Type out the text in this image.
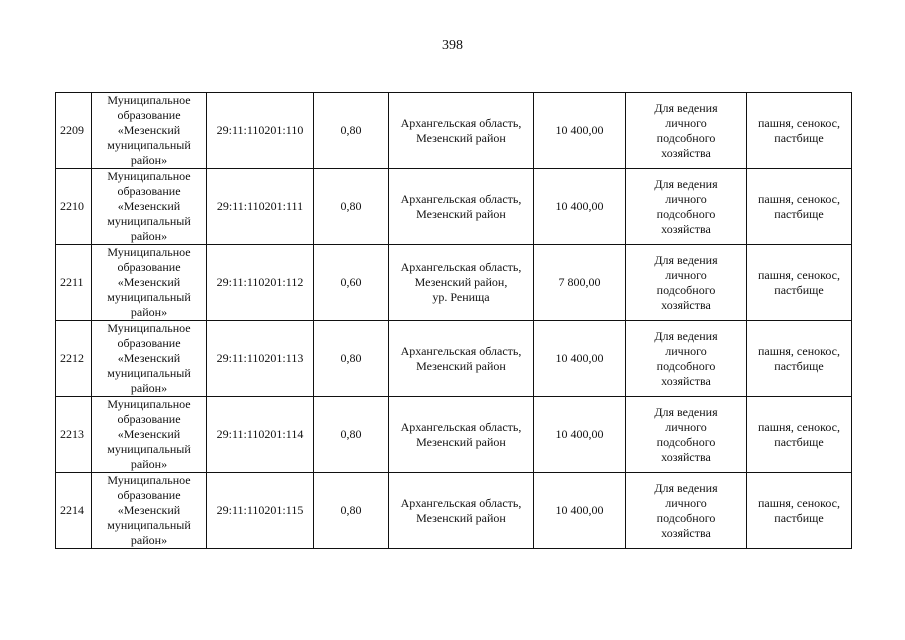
398
2209	Муниципальное
образование
«Мезенский
муниципальный
район»	29:11:110201:110	0,80	Архангельская область,
Мезенский район	10 400,00	Для ведения
личного
подсобного
хозяйства	пашня, сенокос,
пастбище
2210	Муниципальное
образование
«Мезенский
муниципальный
район»	29:11:110201:111	0,80	Архангельская область,
Мезенский район	10 400,00	Для ведения
личного
подсобного
хозяйства	пашня, сенокос,
пастбище
2211	Муниципальное
образование
«Мезенский
муниципальный
район»	29:11:110201:112	0,60	Архангельская область,
Мезенский район,
ур. Ренища	7 800,00	Для ведения
личного
подсобного
хозяйства	пашня, сенокос,
пастбище
2212	Муниципальное
образование
«Мезенский
муниципальный
район»	29:11:110201:113	0,80	Архангельская область,
Мезенский район	10 400,00	Для ведения
личного
подсобного
хозяйства	пашня, сенокос,
пастбище
2213	Муниципальное
образование
«Мезенский
муниципальный
район»	29:11:110201:114	0,80	Архангельская область,
Мезенский район	10 400,00	Для ведения
личного
подсобного
хозяйства	пашня, сенокос,
пастбище
2214	Муниципальное
образование
«Мезенский
муниципальный
район»	29:11:110201:115	0,80	Архангельская область,
Мезенский район	10 400,00	Для ведения
личного
подсобного
хозяйства	пашня, сенокос,
пастбище
